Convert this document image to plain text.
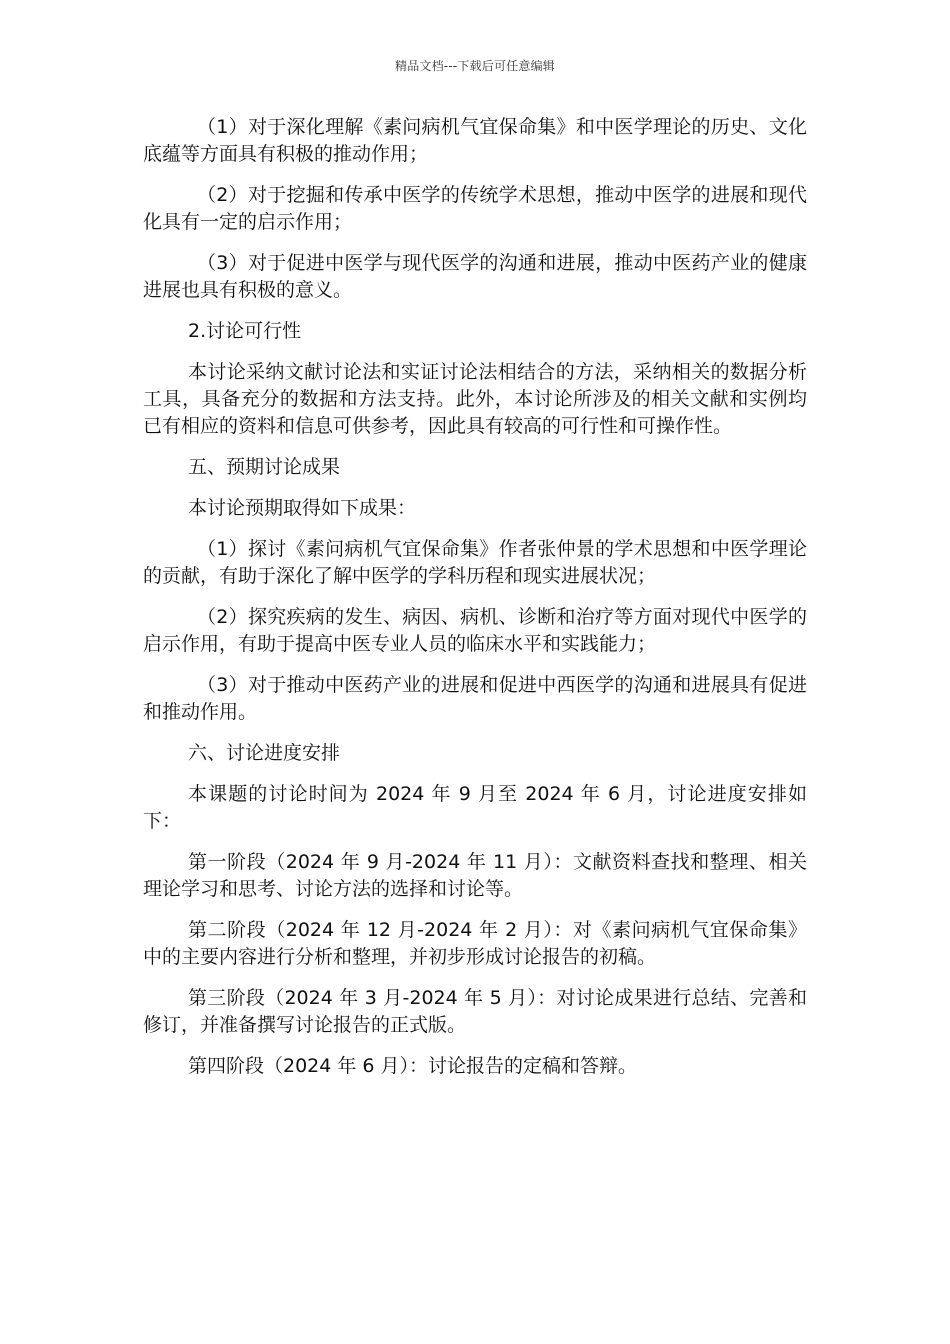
精品文档---下载后可任意编辑

（1）对于深化理解《素问病机气宜保命集》和中医学理论的历史、文化底蕴等方面具有积极的推动作用；

（2）对于挖掘和传承中医学的传统学术思想，推动中医学的进展和现代化具有一定的启示作用；

（3）对于促进中医学与现代医学的沟通和进展，推动中医药产业的健康进展也具有积极的意义。

2.讨论可行性

本讨论采纳文献讨论法和实证讨论法相结合的方法，采纳相关的数据分析工具，具备充分的数据和方法支持。此外，本讨论所涉及的相关文献和实例均已有相应的资料和信息可供参考，因此具有较高的可行性和可操作性。

五、预期讨论成果

本讨论预期取得如下成果：

（1）探讨《素问病机气宜保命集》作者张仲景的学术思想和中医学理论的贡献，有助于深化了解中医学的学科历程和现实进展状况；

（2）探究疾病的发生、病因、病机、诊断和治疗等方面对现代中医学的启示作用，有助于提高中医专业人员的临床水平和实践能力；

（3）对于推动中医药产业的进展和促进中西医学的沟通和进展具有促进和推动作用。

六、讨论进度安排

本课题的讨论时间为 2024 年 9 月至 2024 年 6 月，讨论进度安排如下：

第一阶段（2024 年 9 月-2024 年 11 月）：文献资料查找和整理、相关理论学习和思考、讨论方法的选择和讨论等。

第二阶段（2024 年 12 月-2024 年 2 月）：对《素问病机气宜保命集》中的主要内容进行分析和整理，并初步形成讨论报告的初稿。

第三阶段（2024 年 3 月-2024 年 5 月）：对讨论成果进行总结、完善和修订，并准备撰写讨论报告的正式版。

第四阶段（2024 年 6 月）：讨论报告的定稿和答辩。
